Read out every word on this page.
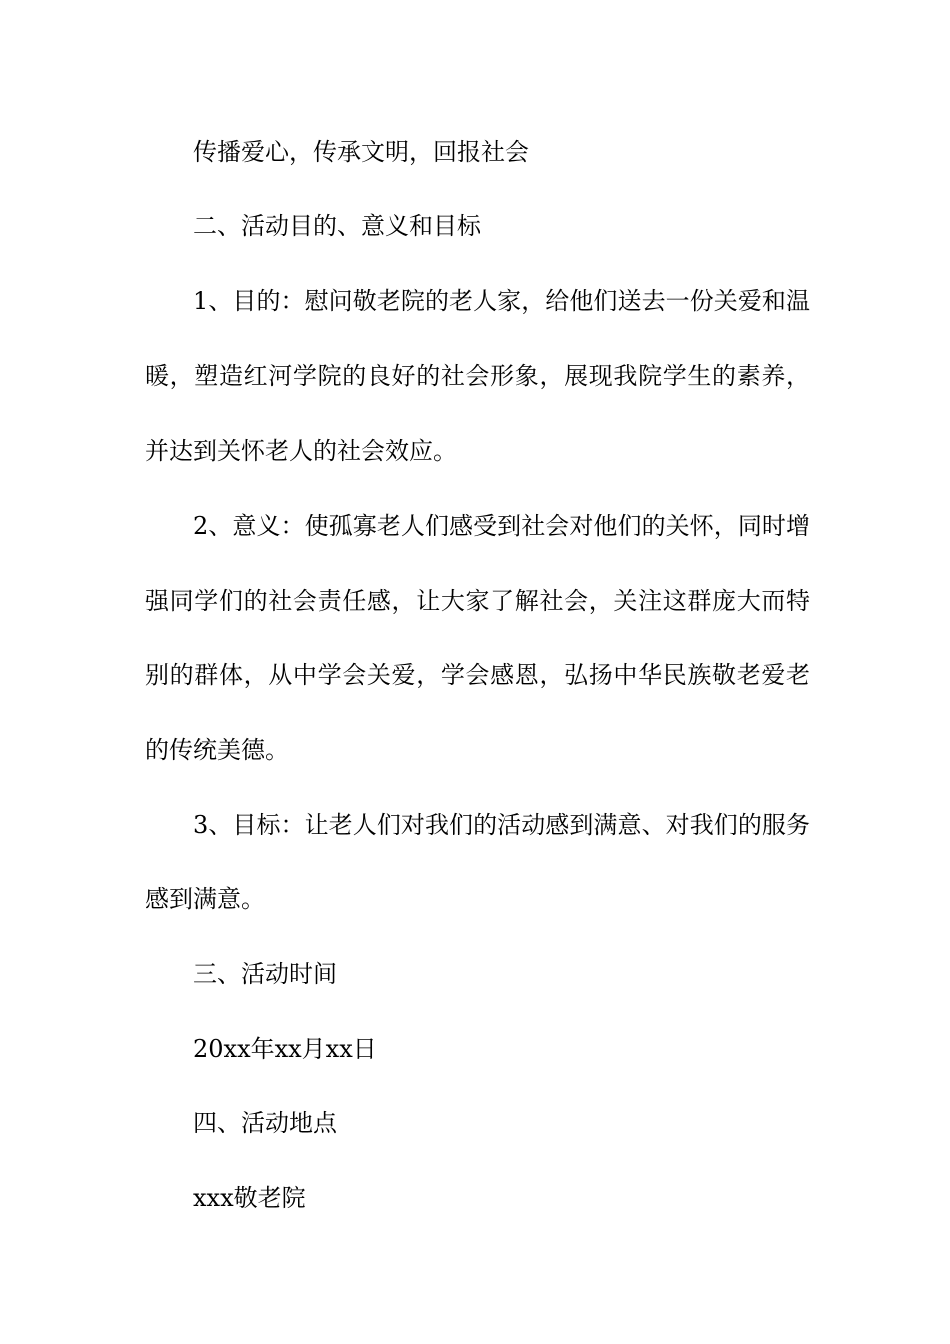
传播爱心，传承文明，回报社会

二、活动目的、意义和目标

1、目的：慰问敬老院的老人家，给他们送去一份关爱和温

暖，塑造红河学院的良好的社会形象，展现我院学生的素养，

并达到关怀老人的社会效应。

2、意义：使孤寡老人们感受到社会对他们的关怀，同时增

强同学们的社会责任感，让大家了解社会，关注这群庞大而特

别的群体，从中学会关爱，学会感恩，弘扬中华民族敬老爱老

的传统美德。

3、目标：让老人们对我们的活动感到满意、对我们的服务

感到满意。

三、活动时间

20xx年xx月xx日

四、活动地点

xxx敬老院
